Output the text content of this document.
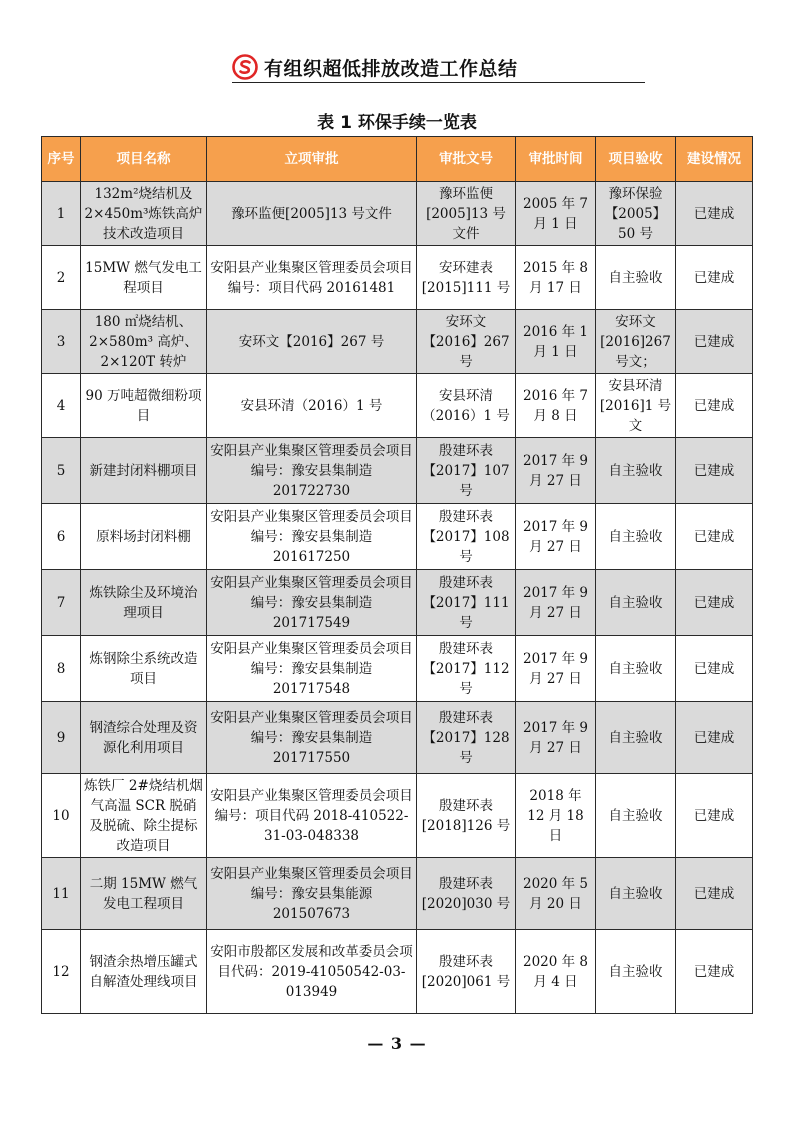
有组织超低排放改造工作总结
表 1 环保手续一览表
序号	项目名称	立项审批	审批文号	审批时间	项目验收	建设情况
1	132m²烧结机及 2×450m³炼铁高炉技术改造项目	豫环监便[2005]13 号文件	豫环监便[2005]13 号文件	2005 年 7 月 1 日	豫环保验【2005】50 号	已建成
2	15MW 燃气发电工程项目	安阳县产业集聚区管理委员会项目编号：项目代码 20161481	安环建表[2015]111 号	2015 年 8 月 17 日	自主验收	已建成
3	180 ㎡烧结机、2×580m³ 高炉、2×120T 转炉	安环文【2016】267 号	安环文【2016】267 号	2016 年 1 月 1 日	安环文[2016]267 号文；	已建成
4	90 万吨超微细粉项目	安县环清（2016）1 号	安县环清（2016）1 号	2016 年 7 月 8 日	安县环清[2016]1 号文	已建成
5	新建封闭料棚项目	安阳县产业集聚区管理委员会项目编号：豫安县集制造 201722730	殷建环表【2017】107 号	2017 年 9 月 27 日	自主验收	已建成
6	原料场封闭料棚	安阳县产业集聚区管理委员会项目编号：豫安县集制造 201617250	殷建环表【2017】108 号	2017 年 9 月 27 日	自主验收	已建成
7	炼铁除尘及环境治理项目	安阳县产业集聚区管理委员会项目编号：豫安县集制造 201717549	殷建环表【2017】111 号	2017 年 9 月 27 日	自主验收	已建成
8	炼钢除尘系统改造项目	安阳县产业集聚区管理委员会项目编号：豫安县集制造 201717548	殷建环表【2017】112 号	2017 年 9 月 27 日	自主验收	已建成
9	钢渣综合处理及资源化利用项目	安阳县产业集聚区管理委员会项目编号：豫安县集制造 201717550	殷建环表【2017】128 号	2017 年 9 月 27 日	自主验收	已建成
10	炼铁厂 2#烧结机烟气高温 SCR 脱硝及脱硫、除尘提标改造项目	安阳县产业集聚区管理委员会项目编号：项目代码 2018-410522-31-03-048338	殷建环表[2018]126 号	2018 年 12 月 18 日	自主验收	已建成
11	二期 15MW 燃气发电工程项目	安阳县产业集聚区管理委员会项目编号：豫安县集能源 201507673	殷建环表[2020]030 号	2020 年 5 月 20 日	自主验收	已建成
12	钢渣余热增压罐式自解渣处理线项目	安阳市殷都区发展和改革委员会项目代码：2019-41050542-03-013949	殷建环表[2020]061 号	2020 年 8 月 4 日	自主验收	已建成
— 3 —
